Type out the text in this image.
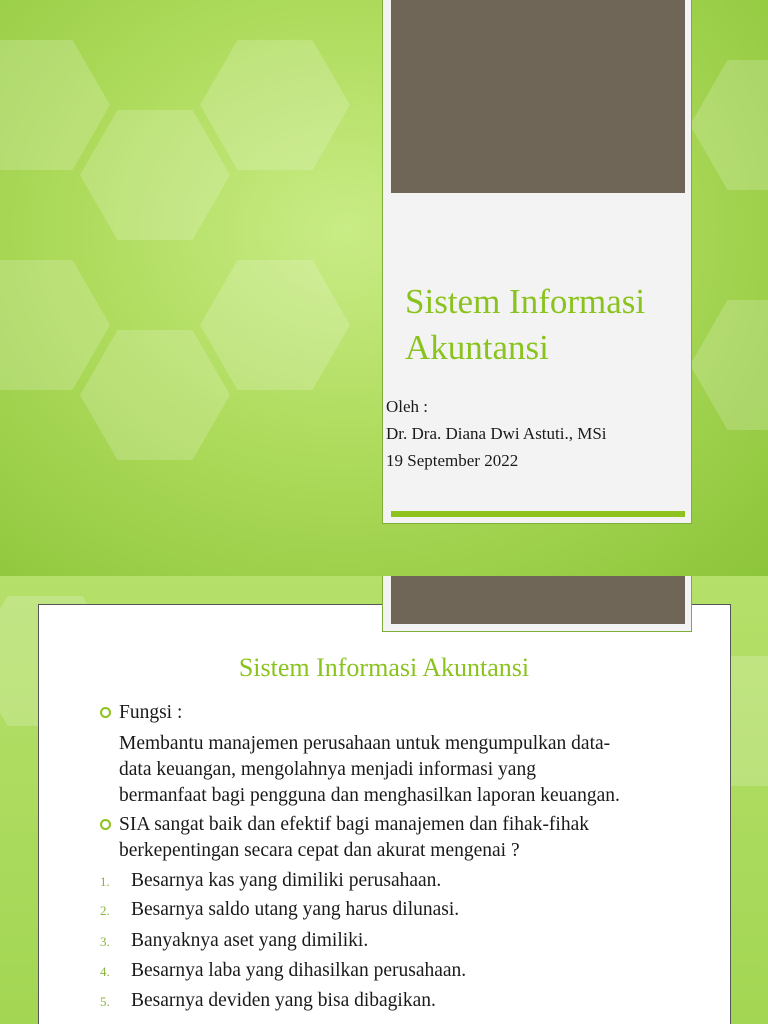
Sistem Informasi
Akuntansi
Oleh :
Dr. Dra. Diana Dwi Astuti., MSi
19 September 2022
Sistem Informasi Akuntansi
Fungsi :
Membantu manajemen perusahaan untuk mengumpulkan data-
data keuangan, mengolahnya menjadi informasi yang
bermanfaat bagi pengguna dan menghasilkan laporan keuangan.
SIA sangat baik dan efektif bagi manajemen dan fihak-fihak
berkepentingan secara cepat dan akurat mengenai ?
1. Besarnya kas yang dimiliki perusahaan.
2. Besarnya saldo utang yang harus dilunasi.
3. Banyaknya aset yang dimiliki.
4. Besarnya laba yang dihasilkan perusahaan.
5. Besarnya deviden yang bisa dibagikan.
